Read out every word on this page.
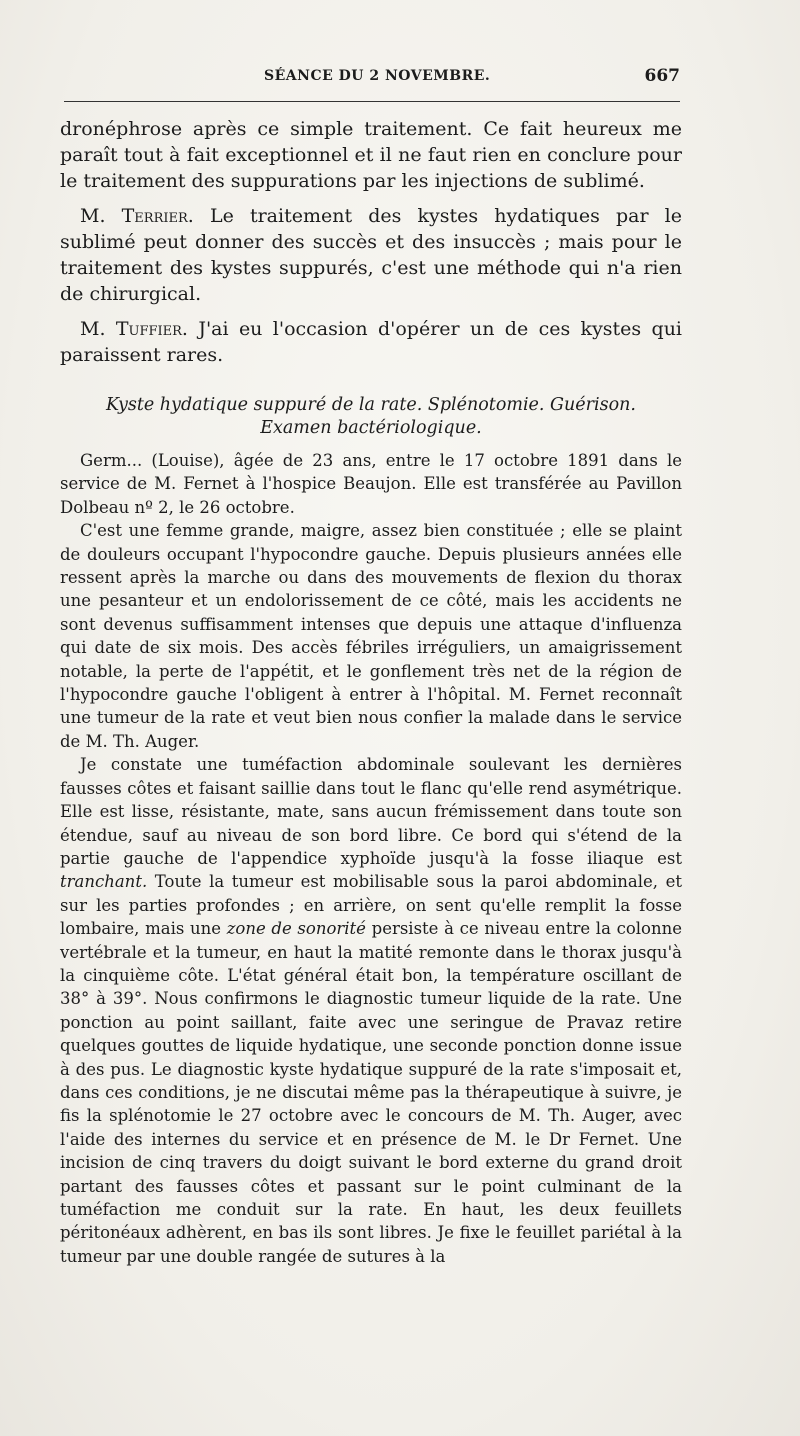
SÉANCE DU 2 NOVEMBRE.	667

dronéphrose après ce simple traitement. Ce fait heureux me paraît tout à fait exceptionnel et il ne faut rien en conclure pour le traitement des suppurations par les injections de sublimé.

M. Terrier. Le traitement des kystes hydatiques par le sublimé peut donner des succès et des insuccès ; mais pour le traitement des kystes suppurés, c'est une méthode qui n'a rien de chirurgical.

M. Tuffier. J'ai eu l'occasion d'opérer un de ces kystes qui paraissent rares.

Kyste hydatique suppuré de la rate. Splénotomie. Guérison.

Examen bactériologique.

Germ... (Louise), âgée de 23 ans, entre le 17 octobre 1891 dans le service de M. Fernet à l'hospice Beaujon. Elle est transférée au Pavillon Dolbeau nº 2, le 26 octobre.

C'est une femme grande, maigre, assez bien constituée ; elle se plaint de douleurs occupant l'hypocondre gauche. Depuis plusieurs années elle ressent après la marche ou dans des mouvements de flexion du thorax une pesanteur et un endolorissement de ce côté, mais les accidents ne sont devenus suffisamment intenses que depuis une attaque d'influenza qui date de six mois. Des accès fébriles irréguliers, un amaigrissement notable, la perte de l'appétit, et le gonflement très net de la région de l'hypocondre gauche l'obligent à entrer à l'hôpital. M. Fernet reconnaît une tumeur de la rate et veut bien nous confier la malade dans le service de M. Th. Auger.

Je constate une tuméfaction abdominale soulevant les dernières fausses côtes et faisant saillie dans tout le flanc qu'elle rend asymétrique. Elle est lisse, résistante, mate, sans aucun frémissement dans toute son étendue, sauf au niveau de son bord libre. Ce bord qui s'étend de la partie gauche de l'appendice xyphoïde jusqu'à la fosse iliaque est tranchant. Toute la tumeur est mobilisable sous la paroi abdominale, et sur les parties profondes ; en arrière, on sent qu'elle remplit la fosse lombaire, mais une zone de sonorité persiste à ce niveau entre la colonne vertébrale et la tumeur, en haut la matité remonte dans le thorax jusqu'à la cinquième côte. L'état général était bon, la température oscillant de 38° à 39°. Nous confirmons le diagnostic tumeur liquide de la rate. Une ponction au point saillant, faite avec une seringue de Pravaz retire quelques gouttes de liquide hydatique, une seconde ponction donne issue à des pus. Le diagnostic kyste hydatique suppuré de la rate s'imposait et, dans ces conditions, je ne discutai même pas la thérapeutique à suivre, je fis la splénotomie le 27 octobre avec le concours de M. Th. Auger, avec l'aide des internes du service et en présence de M. le Dr Fernet. Une incision de cinq travers du doigt suivant le bord externe du grand droit partant des fausses côtes et passant sur le point culminant de la tuméfaction me conduit sur la rate. En haut, les deux feuillets péritonéaux adhèrent, en bas ils sont libres. Je fixe le feuillet pariétal à la tumeur par une double rangée de sutures à la
